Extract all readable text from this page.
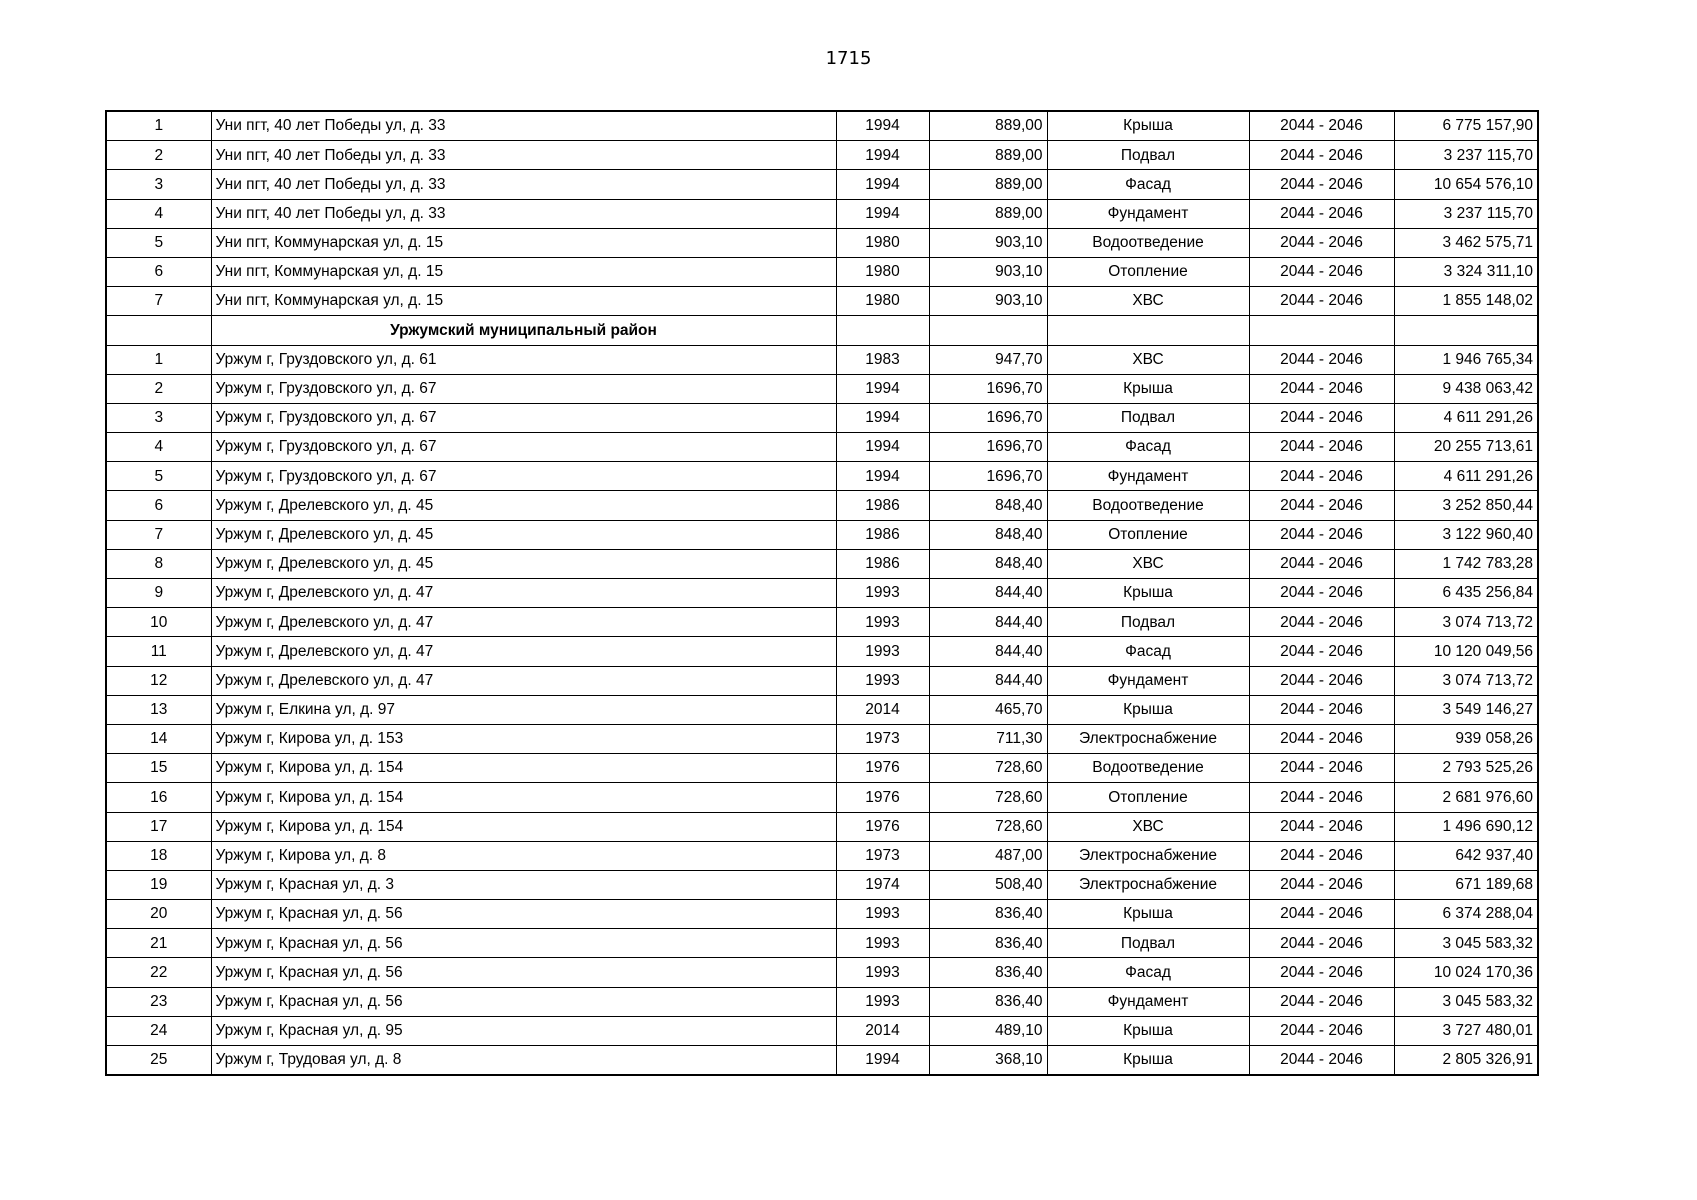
1715
1	Уни пгт, 40 лет Победы ул, д. 33	1994	889,00	Крыша	2044 - 2046	6 775 157,90
2	Уни пгт, 40 лет Победы ул, д. 33	1994	889,00	Подвал	2044 - 2046	3 237 115,70
3	Уни пгт, 40 лет Победы ул, д. 33	1994	889,00	Фасад	2044 - 2046	10 654 576,10
4	Уни пгт, 40 лет Победы ул, д. 33	1994	889,00	Фундамент	2044 - 2046	3 237 115,70
5	Уни пгт, Коммунарская ул, д. 15	1980	903,10	Водоотведение	2044 - 2046	3 462 575,71
6	Уни пгт, Коммунарская ул, д. 15	1980	903,10	Отопление	2044 - 2046	3 324 311,10
7	Уни пгт, Коммунарская ул, д. 15	1980	903,10	ХВС	2044 - 2046	1 855 148,02
	Уржумский муниципальный район					
1	Уржум г, Груздовского ул, д. 61	1983	947,70	ХВС	2044 - 2046	1 946 765,34
2	Уржум г, Груздовского ул, д. 67	1994	1696,70	Крыша	2044 - 2046	9 438 063,42
3	Уржум г, Груздовского ул, д. 67	1994	1696,70	Подвал	2044 - 2046	4 611 291,26
4	Уржум г, Груздовского ул, д. 67	1994	1696,70	Фасад	2044 - 2046	20 255 713,61
5	Уржум г, Груздовского ул, д. 67	1994	1696,70	Фундамент	2044 - 2046	4 611 291,26
6	Уржум г, Дрелевского ул, д. 45	1986	848,40	Водоотведение	2044 - 2046	3 252 850,44
7	Уржум г, Дрелевского ул, д. 45	1986	848,40	Отопление	2044 - 2046	3 122 960,40
8	Уржум г, Дрелевского ул, д. 45	1986	848,40	ХВС	2044 - 2046	1 742 783,28
9	Уржум г, Дрелевского ул, д. 47	1993	844,40	Крыша	2044 - 2046	6 435 256,84
10	Уржум г, Дрелевского ул, д. 47	1993	844,40	Подвал	2044 - 2046	3 074 713,72
11	Уржум г, Дрелевского ул, д. 47	1993	844,40	Фасад	2044 - 2046	10 120 049,56
12	Уржум г, Дрелевского ул, д. 47	1993	844,40	Фундамент	2044 - 2046	3 074 713,72
13	Уржум г, Елкина ул, д. 97	2014	465,70	Крыша	2044 - 2046	3 549 146,27
14	Уржум г, Кирова ул, д. 153	1973	711,30	Электроснабжение	2044 - 2046	939 058,26
15	Уржум г, Кирова ул, д. 154	1976	728,60	Водоотведение	2044 - 2046	2 793 525,26
16	Уржум г, Кирова ул, д. 154	1976	728,60	Отопление	2044 - 2046	2 681 976,60
17	Уржум г, Кирова ул, д. 154	1976	728,60	ХВС	2044 - 2046	1 496 690,12
18	Уржум г, Кирова ул, д. 8	1973	487,00	Электроснабжение	2044 - 2046	642 937,40
19	Уржум г, Красная ул, д. 3	1974	508,40	Электроснабжение	2044 - 2046	671 189,68
20	Уржум г, Красная ул, д. 56	1993	836,40	Крыша	2044 - 2046	6 374 288,04
21	Уржум г, Красная ул, д. 56	1993	836,40	Подвал	2044 - 2046	3 045 583,32
22	Уржум г, Красная ул, д. 56	1993	836,40	Фасад	2044 - 2046	10 024 170,36
23	Уржум г, Красная ул, д. 56	1993	836,40	Фундамент	2044 - 2046	3 045 583,32
24	Уржум г, Красная ул, д. 95	2014	489,10	Крыша	2044 - 2046	3 727 480,01
25	Уржум г, Трудовая ул, д. 8	1994	368,10	Крыша	2044 - 2046	2 805 326,91
